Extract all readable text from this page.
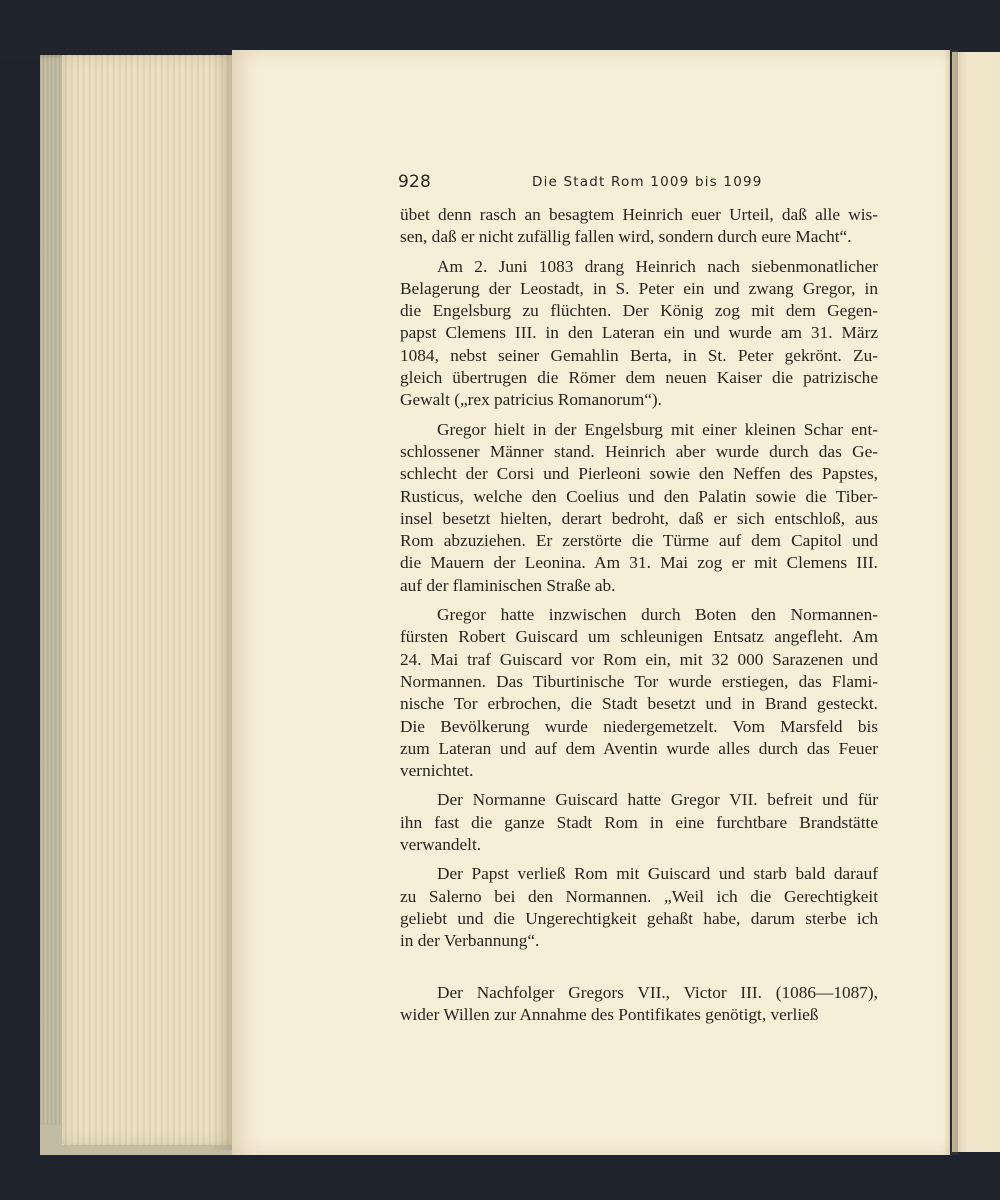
928	Die Stadt Rom 1009 bis 1099
übet denn rasch an besagtem Heinrich euer Urteil, daß alle wis-
sen, daß er nicht zufällig fallen wird, sondern durch eure Macht“.
Am 2. Juni 1083 drang Heinrich nach siebenmonatlicher
Belagerung der Leostadt, in S. Peter ein und zwang Gregor, in
die Engelsburg zu flüchten. Der König zog mit dem Gegen-
papst Clemens III. in den Lateran ein und wurde am 31. März
1084, nebst seiner Gemahlin Berta, in St. Peter gekrönt. Zu-
gleich übertrugen die Römer dem neuen Kaiser die patrizische
Gewalt („rex patricius Romanorum“).
Gregor hielt in der Engelsburg mit einer kleinen Schar ent-
schlossener Männer stand. Heinrich aber wurde durch das Ge-
schlecht der Corsi und Pierleoni sowie den Neffen des Papstes,
Rusticus, welche den Coelius und den Palatin sowie die Tiber-
insel besetzt hielten, derart bedroht, daß er sich entschloß, aus
Rom abzuziehen. Er zerstörte die Türme auf dem Capitol und
die Mauern der Leonina. Am 31. Mai zog er mit Clemens III.
auf der flaminischen Straße ab.
Gregor hatte inzwischen durch Boten den Normannen-
fürsten Robert Guiscard um schleunigen Entsatz angefleht. Am
24. Mai traf Guiscard vor Rom ein, mit 32 000 Sarazenen und
Normannen. Das Tiburtinische Tor wurde erstiegen, das Flami-
nische Tor erbrochen, die Stadt besetzt und in Brand gesteckt.
Die Bevölkerung wurde niedergemetzelt. Vom Marsfeld bis
zum Lateran und auf dem Aventin wurde alles durch das Feuer
vernichtet.
Der Normanne Guiscard hatte Gregor VII. befreit und für
ihn fast die ganze Stadt Rom in eine furchtbare Brandstätte
verwandelt.
Der Papst verließ Rom mit Guiscard und starb bald darauf
zu Salerno bei den Normannen. „Weil ich die Gerechtigkeit
geliebt und die Ungerechtigkeit gehaßt habe, darum sterbe ich
in der Verbannung“.
Der Nachfolger Gregors VII., Victor III. (1086—1087),
wider Willen zur Annahme des Pontifikates genötigt, verließ
